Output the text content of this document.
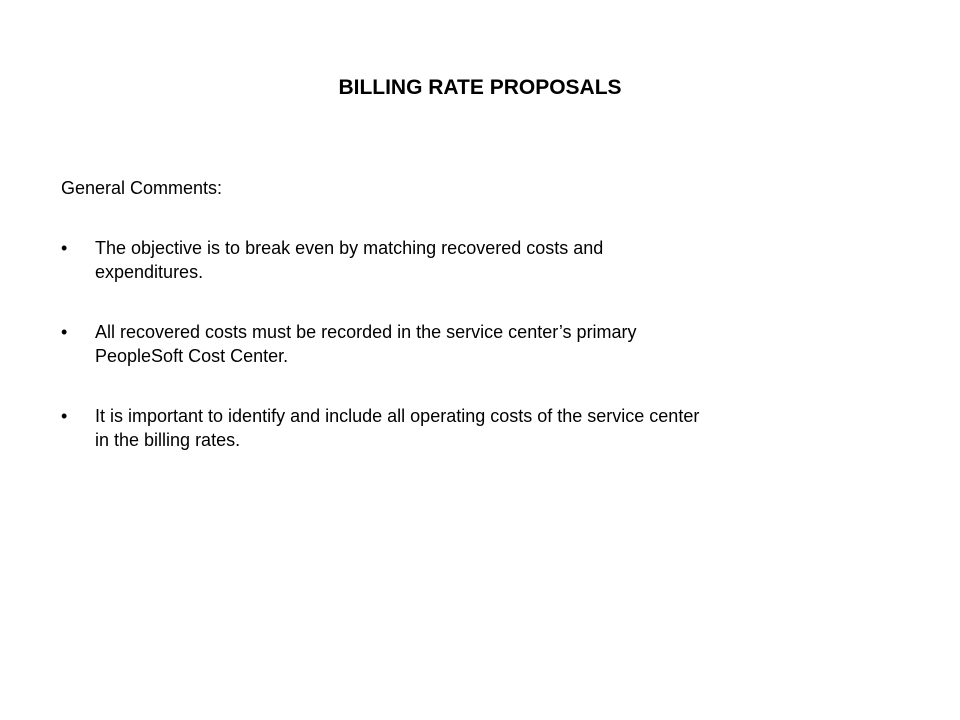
BILLING RATE PROPOSALS

General Comments:

•	The objective is to break even by matching recovered costs and
expenditures.
•	All recovered costs must be recorded in the service center’s primary
PeopleSoft Cost Center.
•	It is important to identify and include all operating costs of the service center
in the billing rates.
